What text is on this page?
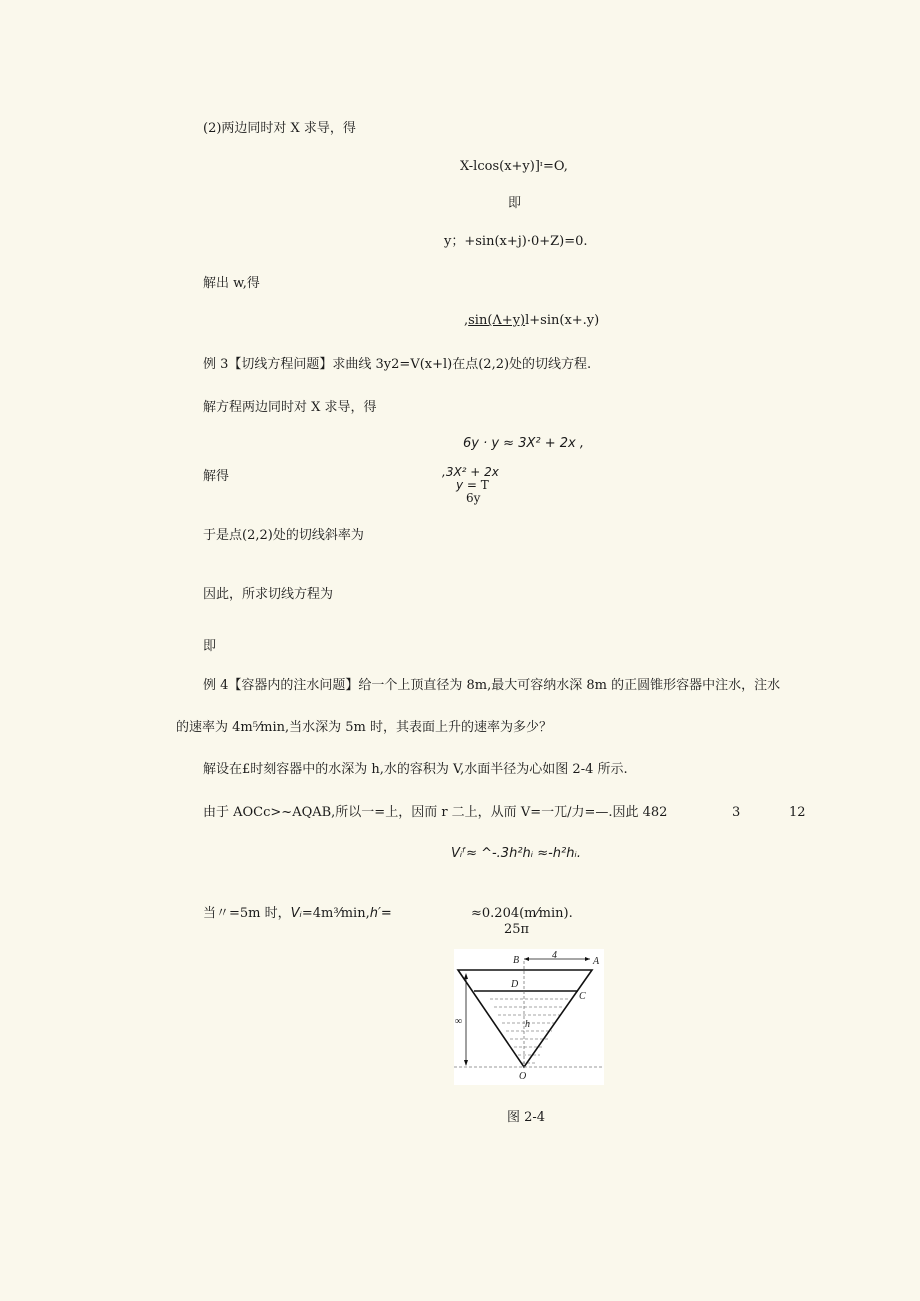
(2)两边同时对 X 求导，得
X-lcos(x+y)]ᶦ=O,
即
y；+sin(x+j)·0+Z)=0.
解出 w,得
,sin(Λ+y)l+sin(x+.y)
例 3【切线方程问题】求曲线 3y2=V(x+l)在点(2,2)处的切线方程.
解方程两边同时对 X 求导，得
6y · y ≈ 3X² + 2x ,
解得	,3X² + 2x
y = T
6y
于是点(2,2)处的切线斜率为
因此，所求切线方程为
即
例 4【容器内的注水问题】给一个上顶直径为 8m,最大可容纳水深 8m 的正圆锥形容器中注水，注水
的速率为 4m⁵⁄min,当水深为 5m 时，其表面上升的速率为多少？
解设在£时刻容器中的水深为 h,水的容积为 V,水面半径为心如图 2-4 所示.
由于 AOCc>~AQAB,所以一=上，因而 r 二上，从而 V=一兀/力=—.因此 482	3	12
Vᵢᶠ≈ ^-.3h²hᵢ ≈-h²hᵢ.
当〃=5m 时，Vᵢ=4m³⁄min,h′=	≈0.204(m⁄min).
25π
B	A
4
D
C
h
∞
O
图 2-4
